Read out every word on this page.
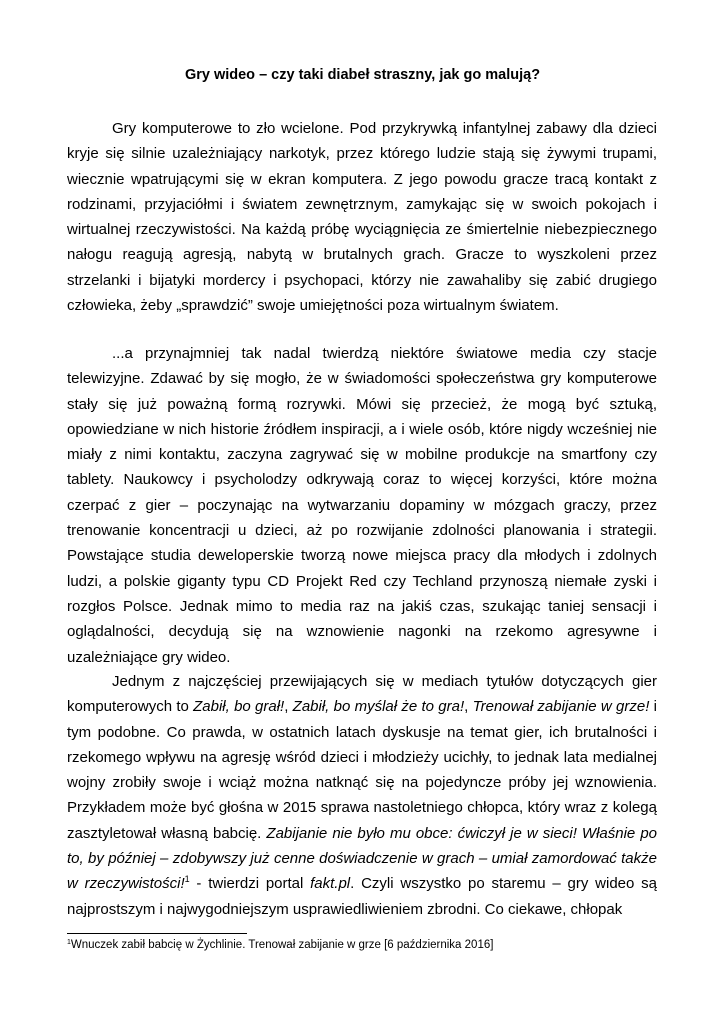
Gry wideo – czy taki diabeł straszny, jak go malują?

Gry komputerowe to zło wcielone. Pod przykrywką infantylnej zabawy dla dzieci kryje się silnie uzależniający narkotyk, przez którego ludzie stają się żywymi trupami, wiecznie wpatrującymi się w ekran komputera. Z jego powodu gracze tracą kontakt z rodzinami, przyjaciółmi i światem zewnętrznym, zamykając się w swoich pokojach i wirtualnej rzeczywistości. Na każdą próbę wyciągnięcia ze śmiertelnie niebezpiecznego nałogu reagują agresją, nabytą w brutalnych grach. Gracze to wyszkoleni przez strzelanki i bijatyki mordercy i psychopaci, którzy nie zawahaliby się zabić drugiego człowieka, żeby „sprawdzić” swoje umiejętności poza wirtualnym światem.

...a przynajmniej tak nadal twierdzą niektóre światowe media czy stacje telewizyjne. Zdawać by się mogło, że w świadomości społeczeństwa gry komputerowe stały się już poważną formą rozrywki. Mówi się przecież, że mogą być sztuką, opowiedziane w nich historie źródłem inspiracji, a i wiele osób, które nigdy wcześniej nie miały z nimi kontaktu, zaczyna zagrywać się w mobilne produkcje na smartfony czy tablety. Naukowcy i psycholodzy odkrywają coraz to więcej korzyści, które można czerpać z gier – poczynając na wytwarzaniu dopaminy w mózgach graczy, przez trenowanie koncentracji u dzieci, aż po rozwijanie zdolności planowania i strategii. Powstające studia deweloperskie tworzą nowe miejsca pracy dla młodych i zdolnych ludzi, a polskie giganty typu CD Projekt Red czy Techland przynoszą niemałe zyski i rozgłos Polsce. Jednak mimo to media raz na jakiś czas, szukając taniej sensacji i oglądalności, decydują się na wznowienie nagonki na rzekomo agresywne i uzależniające gry wideo.

Jednym z najczęściej przewijających się w mediach tytułów dotyczących gier komputerowych to Zabił, bo grał!, Zabił, bo myślał że to gra!, Trenował zabijanie w grze! i tym podobne. Co prawda, w ostatnich latach dyskusje na temat gier, ich brutalności i rzekomego wpływu na agresję wśród dzieci i młodzieży ucichły, to jednak lata medialnej wojny zrobiły swoje i wciąż można natknąć się na pojedyncze próby jej wznowienia. Przykładem może być głośna w 2015 sprawa nastoletniego chłopca, który wraz z kolegą zasztyletował własną babcię. Zabijanie nie było mu obce: ćwiczył je w sieci! Właśnie po to, by później – zdobywszy już cenne doświadczenie w grach – umiał zamordować także w rzeczywistości!$^1$ - twierdzi portal fakt.pl. Czyli wszystko po staremu – gry wideo są najprostszym i najwygodniejszym usprawiedliwieniem zbrodni. Co ciekawe, chłopak

$^1$Wnuczek zabił babcię w Żychlinie. Trenował zabijanie w grze [6 października 2016]
